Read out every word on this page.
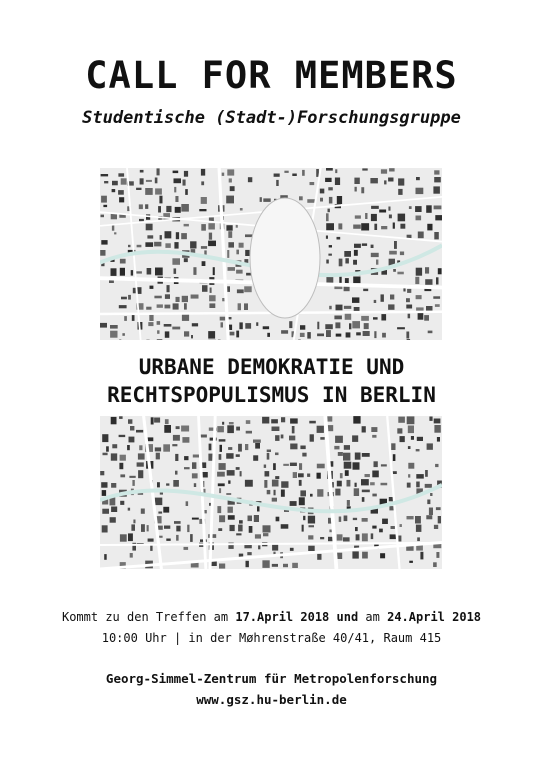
CALL FOR MEMBERS
Studentische (Stadt-)Forschungsgruppe
URBANE DEMOKRATIE UND
RECHTSPOPULISMUS IN BERLIN
Kommt zu den Treffen am 17.April 2018 und am 24.April 2018
10:00 Uhr | in der Møhrenstraße 40/41, Raum 415
Georg-Simmel-Zentrum für Metropolenforschung
www.gsz.hu-berlin.de
